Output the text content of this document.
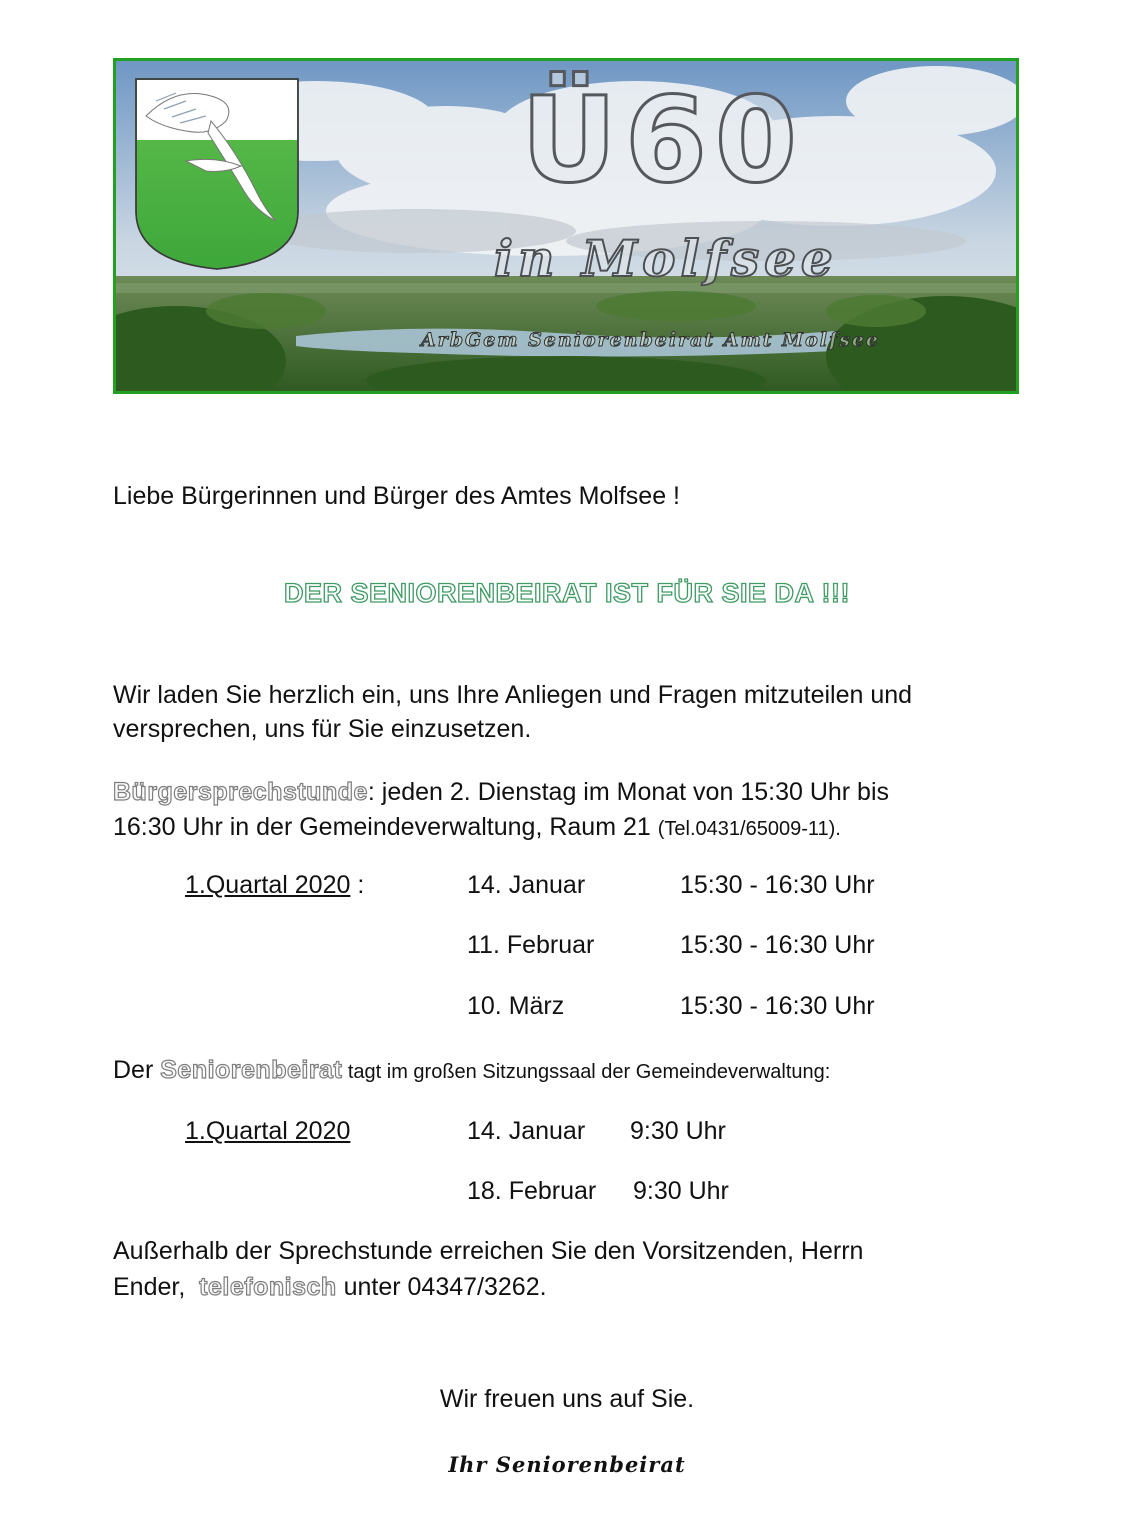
Ü60
in Molfsee
ArbGem Seniorenbeirat Amt Molfsee

Liebe Bürgerinnen und Bürger des Amtes Molfsee !

DER SENIORENBEIRAT IST FÜR SIE DA !!!

Wir laden Sie herzlich ein, uns Ihre Anliegen und Fragen mitzuteilen und

versprechen, uns für Sie einzusetzen.

Bürgersprechstunde: jeden 2. Dienstag im Monat von 15:30 Uhr bis

16:30 Uhr in der Gemeindeverwaltung, Raum 21 (Tel.0431/65009-11).

1.Quartal 2020 :	14. Januar	15:30 - 16:30 Uhr

11. Februar	15:30 - 16:30 Uhr

10. März	15:30 - 16:30 Uhr

Der Seniorenbeirat tagt im großen Sitzungssaal der Gemeindeverwaltung:

1.Quartal 2020	14. Januar 9:30 Uhr

18. Februar 9:30 Uhr

Außerhalb der Sprechstunde erreichen Sie den Vorsitzenden, Herrn

Ender,  telefonisch unter 04347/3262.

Wir freuen uns auf Sie.

Ihr Seniorenbeirat
